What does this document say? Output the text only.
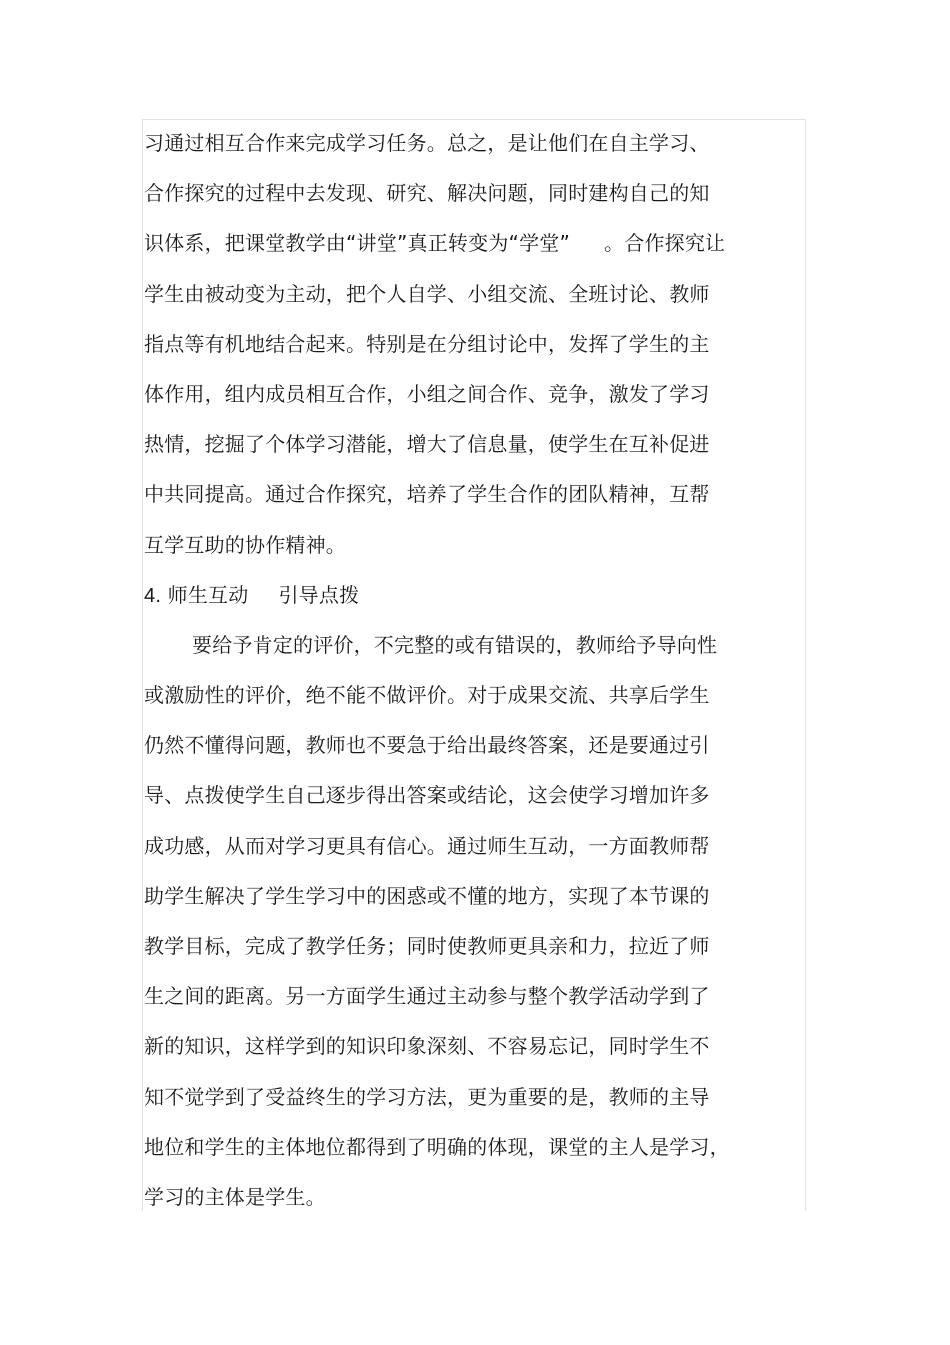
习通过相互合作来完成学习任务。总之，是让他们在自主学习、
合作探究的过程中去发现、研究、解决问题，同时建构自己的知
识体系，把课堂教学由“讲堂”真正转变为“学堂” 。合作探究让
学生由被动变为主动，把个人自学、小组交流、全班讨论、教师
指点等有机地结合起来。特别是在分组讨论中，发挥了学生的主
体作用，组内成员相互合作，小组之间合作、竞争，激发了学习
热情，挖掘了个体学习潜能，增大了信息量，使学生在互补促进
中共同提高。通过合作探究，培养了学生合作的团队精神，互帮
互学互助的协作精神。
4. 师生互动 引导点拨
要给予肯定的评价，不完整的或有错误的，教师给予导向性
或激励性的评价，绝不能不做评价。对于成果交流、共享后学生
仍然不懂得问题，教师也不要急于给出最终答案，还是要通过引
导、点拨使学生自己逐步得出答案或结论，这会使学习增加许多
成功感，从而对学习更具有信心。通过师生互动，一方面教师帮
助学生解决了学生学习中的困惑或不懂的地方，实现了本节课的
教学目标，完成了教学任务；同时使教师更具亲和力，拉近了师
生之间的距离。另一方面学生通过主动参与整个教学活动学到了
新的知识，这样学到的知识印象深刻、不容易忘记，同时学生不
知不觉学到了受益终生的学习方法，更为重要的是，教师的主导
地位和学生的主体地位都得到了明确的体现，课堂的主人是学习，
学习的主体是学生。
